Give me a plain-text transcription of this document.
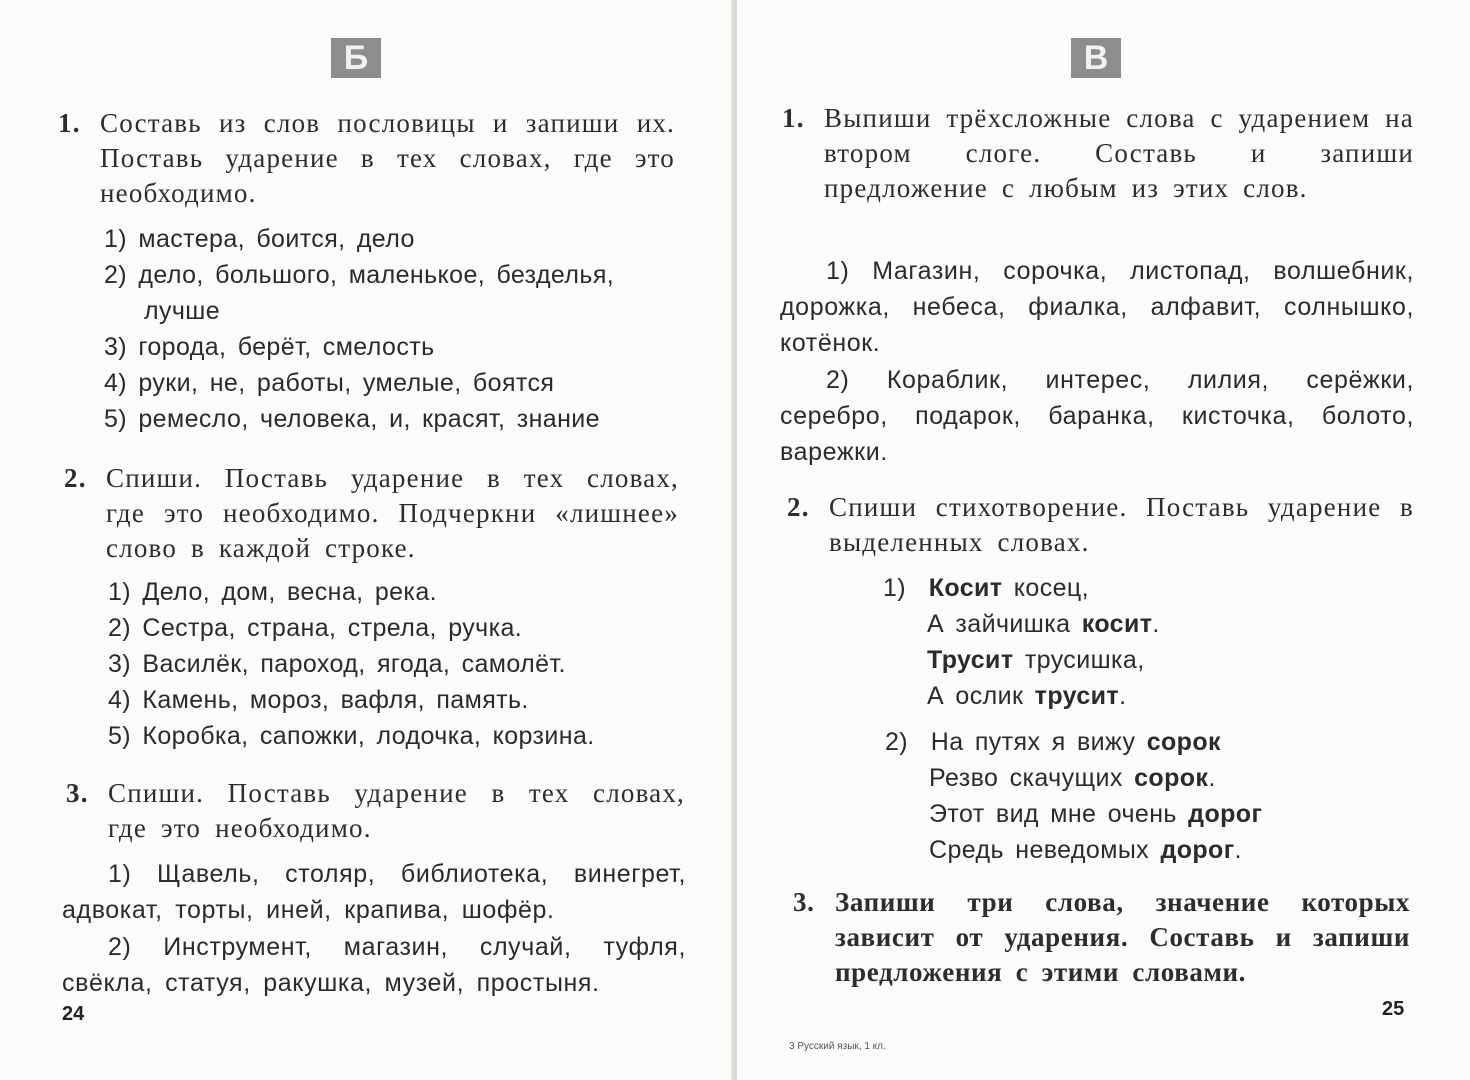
Б
1. Составь из слов пословицы и запиши их. Поставь ударение в тех словах, где это необходимо.
1) мастера, боится, дело
2) дело, большого, маленькое, безделья,
лучше
3) города, берёт, смелость
4) руки, не, работы, умелые, боятся
5) ремесло, человека, и, красят, знание
2. Спиши. Поставь ударение в тех словах, где это необходимо. Подчеркни «лишнее» слово в каждой строке.
1) Дело, дом, весна, река.
2) Сестра, страна, стрела, ручка.
3) Василёк, пароход, ягода, самолёт.
4) Камень, мороз, вафля, память.
5) Коробка, сапожки, лодочка, корзина.
3. Спиши. Поставь ударение в тех словах, где это необходимо.
1) Щавель, столяр, библиотека, винегрет, адвокат, торты, иней, крапива, шофёр.
2) Инструмент, магазин, случай, туфля, свёкла, статуя, ракушка, музей, простыня.
24
В
1. Выпиши трёхсложные слова с ударением на втором слоге. Составь и запиши предложение с любым из этих слов.
1) Магазин, сорочка, листопад, волшебник, дорожка, небеса, фиалка, алфавит, солнышко, котёнок.
2) Кораблик, интерес, лилия, серёжки, серебро, подарок, баранка, кисточка, болото, варежки.
2. Спиши стихотворение. Поставь ударение в выделенных словах.
1) Косит косец,
А зайчишка косит.
Трусит трусишка,
А ослик трусит.
2) На путях я вижу сорок
Резво скачущих сорок.
Этот вид мне очень дорог
Средь неведомых дорог.
3. Запиши три слова, значение которых зависит от ударения. Составь и запиши предложения с этими словами.
25
3 Русский язык, 1 кл.
